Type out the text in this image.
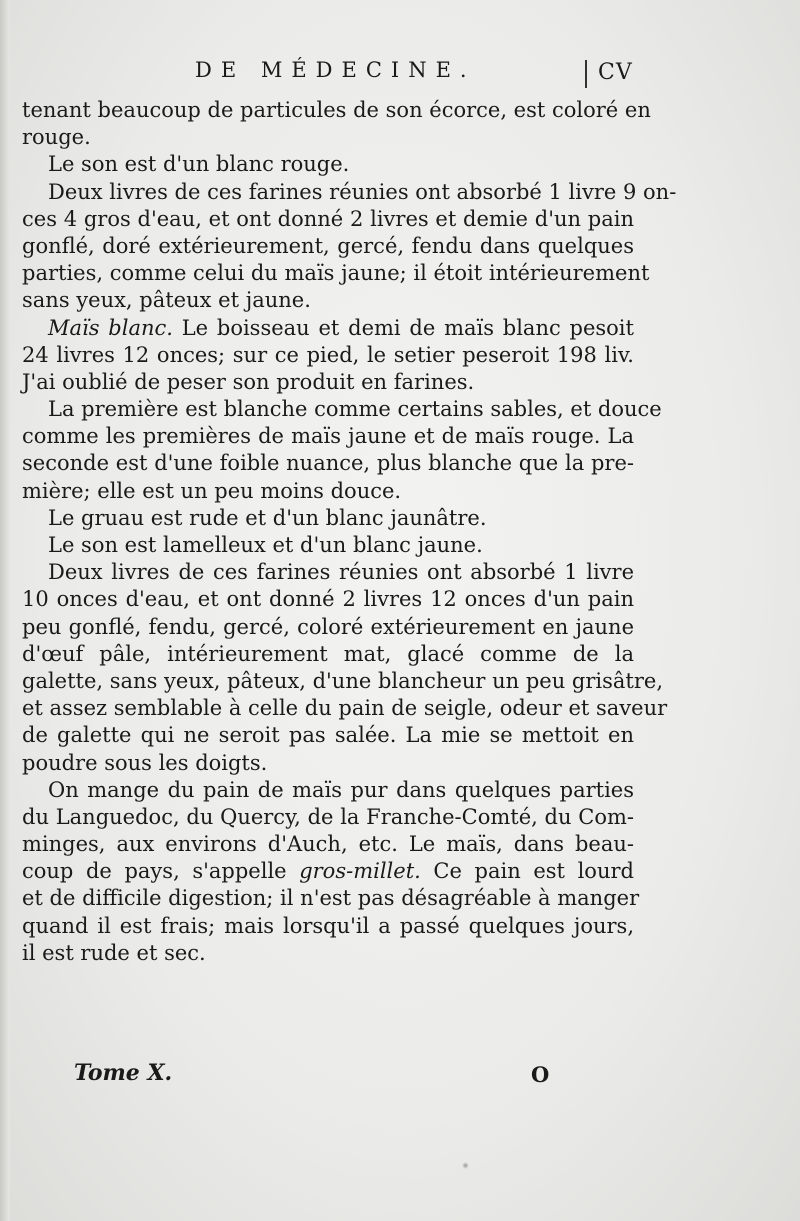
DE MÉDECINE.	CV
tenant beaucoup de particules de son écorce, est coloré en
rouge.
Le son est d'un blanc rouge.
Deux livres de ces farines réunies ont absorbé 1 livre 9 on-
ces 4 gros d'eau, et ont donné 2 livres et demie d'un pain
gonflé, doré extérieurement, gercé, fendu dans quelques
parties, comme celui du maïs jaune; il étoit intérieurement
sans yeux, pâteux et jaune.
Maïs blanc. Le boisseau et demi de maïs blanc pesoit
24 livres 12 onces; sur ce pied, le setier peseroit 198 liv.
J'ai oublié de peser son produit en farines.
La première est blanche comme certains sables, et douce
comme les premières de maïs jaune et de maïs rouge. La
seconde est d'une foible nuance, plus blanche que la pre-
mière; elle est un peu moins douce.
Le gruau est rude et d'un blanc jaunâtre.
Le son est lamelleux et d'un blanc jaune.
Deux livres de ces farines réunies ont absorbé 1 livre
10 onces d'eau, et ont donné 2 livres 12 onces d'un pain
peu gonflé, fendu, gercé, coloré extérieurement en jaune
d'œuf pâle, intérieurement mat, glacé comme de la
galette, sans yeux, pâteux, d'une blancheur un peu grisâtre,
et assez semblable à celle du pain de seigle, odeur et saveur
de galette qui ne seroit pas salée. La mie se mettoit en
poudre sous les doigts.
On mange du pain de maïs pur dans quelques parties
du Languedoc, du Quercy, de la Franche-Comté, du Com-
minges, aux environs d'Auch, etc. Le maïs, dans beau-
coup de pays, s'appelle gros-millet. Ce pain est lourd
et de difficile digestion; il n'est pas désagréable à manger
quand il est frais; mais lorsqu'il a passé quelques jours,
il est rude et sec.
Tome X.	O
